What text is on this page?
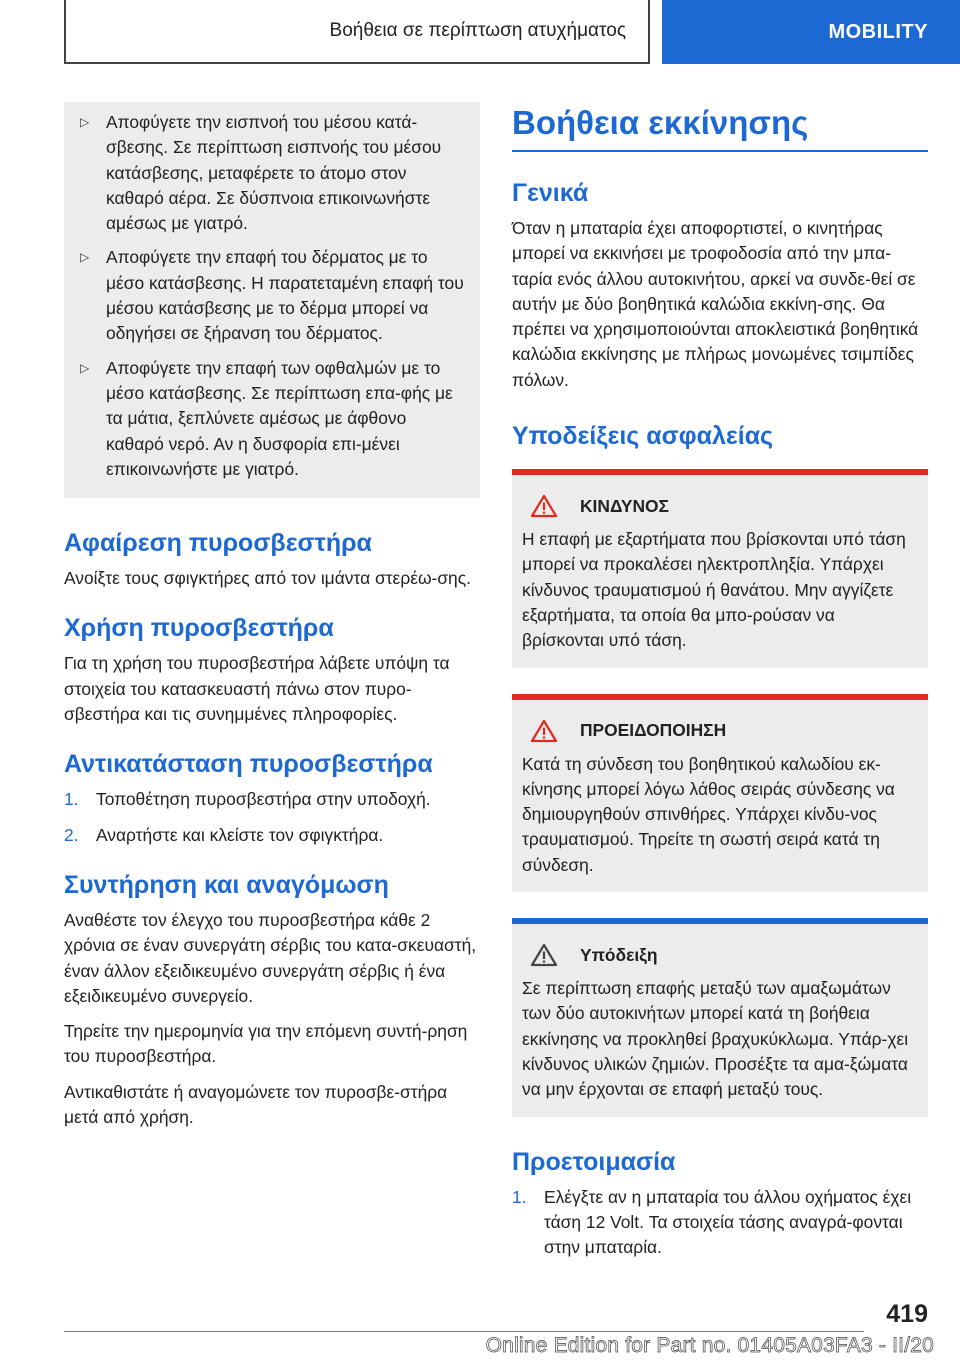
Βοήθεια σε περίπτωση ατυχήματος	MOBILITY
▷ Αποφύγετε την εισπνοή του μέσου κατά-σβεσης. Σε περίπτωση εισπνοής του μέσου κατάσβεσης, μεταφέρετε το άτομο στον καθαρό αέρα. Σε δύσπνοια επικοινωνήστε αμέσως με γιατρό.

▷ Αποφύγετε την επαφή του δέρματος με το μέσο κατάσβεσης. Η παρατεταμένη επαφή του μέσου κατάσβεσης με το δέρμα μπορεί να οδηγήσει σε ξήρανση του δέρματος.

▷ Αποφύγετε την επαφή των οφθαλμών με το μέσο κατάσβεσης. Σε περίπτωση επα-φής με τα μάτια, ξεπλύνετε αμέσως με άφθονο καθαρό νερό. Αν η δυσφορία επι-μένει επικοινωνήστε με γιατρό.

Αφαίρεση πυροσβεστήρα

Ανοίξτε τους σφιγκτήρες από τον ιμάντα στερέω-σης.

Χρήση πυροσβεστήρα

Για τη χρήση του πυροσβεστήρα λάβετε υπόψη τα στοιχεία του κατασκευαστή πάνω στον πυρο-σβεστήρα και τις συνημμένες πληροφορίες.

Αντικατάσταση πυροσβεστήρα
1.	Τοποθέτηση πυροσβεστήρα στην υποδοχή.

2.	Αναρτήστε και κλείστε τον σφιγκτήρα.

Συντήρηση και αναγόμωση

Αναθέστε τον έλεγχο του πυροσβεστήρα κάθε 2 χρόνια σε έναν συνεργάτη σέρβις του κατα-σκευαστή, έναν άλλον εξειδικευμένο συνεργάτη σέρβις ή ένα εξειδικευμένο συνεργείο.

Τηρείτε την ημερομηνία για την επόμενη συντή-ρηση του πυροσβεστήρα.

Αντικαθιστάτε ή αναγομώνετε τον πυροσβε-στήρα μετά από χρήση.

Βοήθεια εκκίνησης
Γενικά

Όταν η μπαταρία έχει αποφορτιστεί, ο κινητήρας μπορεί να εκκινήσει με τροφοδοσία από την μπα-ταρία ενός άλλου αυτοκινήτου, αρκεί να συνδε-θεί σε αυτήν με δύο βοηθητικά καλώδια εκκίνη-σης. Θα πρέπει να χρησιμοποιούνται αποκλειστικά βοηθητικά καλώδια εκκίνησης με πλήρως μονωμένες τσιμπίδες πόλων.

Υποδείξεις ασφαλείας
ΚΙΝΔΥΝΟΣ

Η επαφή με εξαρτήματα που βρίσκονται υπό τάση μπορεί να προκαλέσει ηλεκτροπληξία. Υπάρχει κίνδυνος τραυματισμού ή θανάτου. Μην αγγίζετε εξαρτήματα, τα οποία θα μπο-ρούσαν να βρίσκονται υπό τάση.

ΠΡΟΕΙΔΟΠΟΙΗΣΗ

Κατά τη σύνδεση του βοηθητικού καλωδίου εκ-κίνησης μπορεί λόγω λάθος σειράς σύνδεσης να δημιουργηθούν σπινθήρες. Υπάρχει κίνδυ-νος τραυματισμού. Τηρείτε τη σωστή σειρά κατά τη σύνδεση.

Υπόδειξη

Σε περίπτωση επαφής μεταξύ των αμαξωμάτων των δύο αυτοκινήτων μπορεί κατά τη βοήθεια εκκίνησης να προκληθεί βραχυκύκλωμα. Υπάρ-χει κίνδυνος υλικών ζημιών. Προσέξτε τα αμα-ξώματα να μην έρχονται σε επαφή μεταξύ τους.

Προετοιμασία
1.	Ελέγξτε αν η μπαταρία του άλλου οχήματος έχει τάση 12 Volt. Τα στοιχεία τάσης αναγρά-φονται στην μπαταρία.

419
Online Edition for Part no. 01405A03FA3 - II/20
